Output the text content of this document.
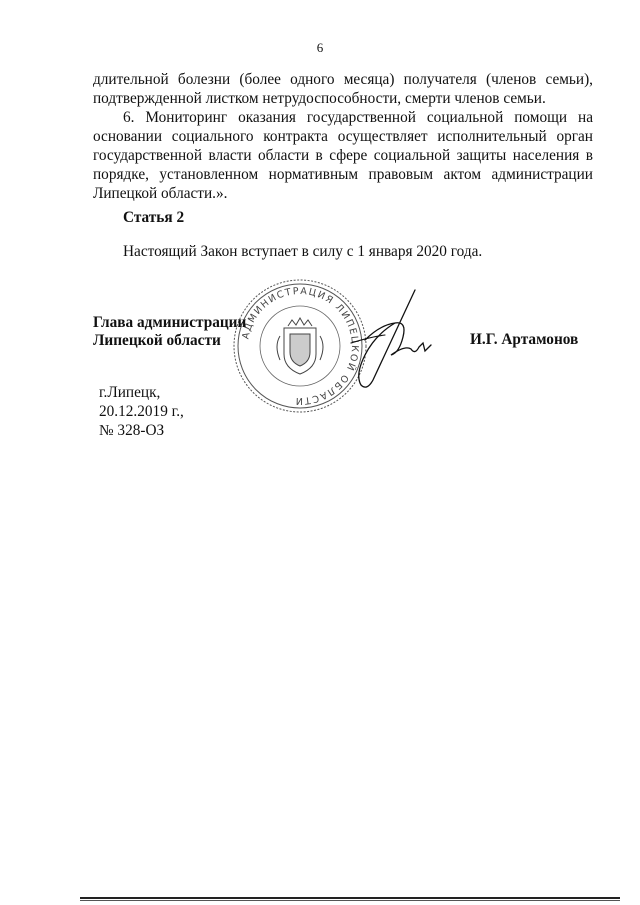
6

длительной болезни (более одного месяца) получателя (членов семьи), подтвержденной листком нетрудоспособности, смерти членов семьи.

6. Мониторинг оказания государственной социальной помощи на основании социального контракта осуществляет исполнительный орган государственной власти области в сфере социальной защиты населения в порядке, установленном нормативным правовым актом администрации Липецкой области.».

Статья 2
Настоящий Закон вступает в силу с 1 января 2020 года.
АДМИНИСТРАЦИЯ ЛИПЕЦКОЙ ОБЛАСТИ
Глава администрации
Липецкой области	И.Г. Артамонов
г.Липецк,
20.12.2019 г.,
№ 328-ОЗ
